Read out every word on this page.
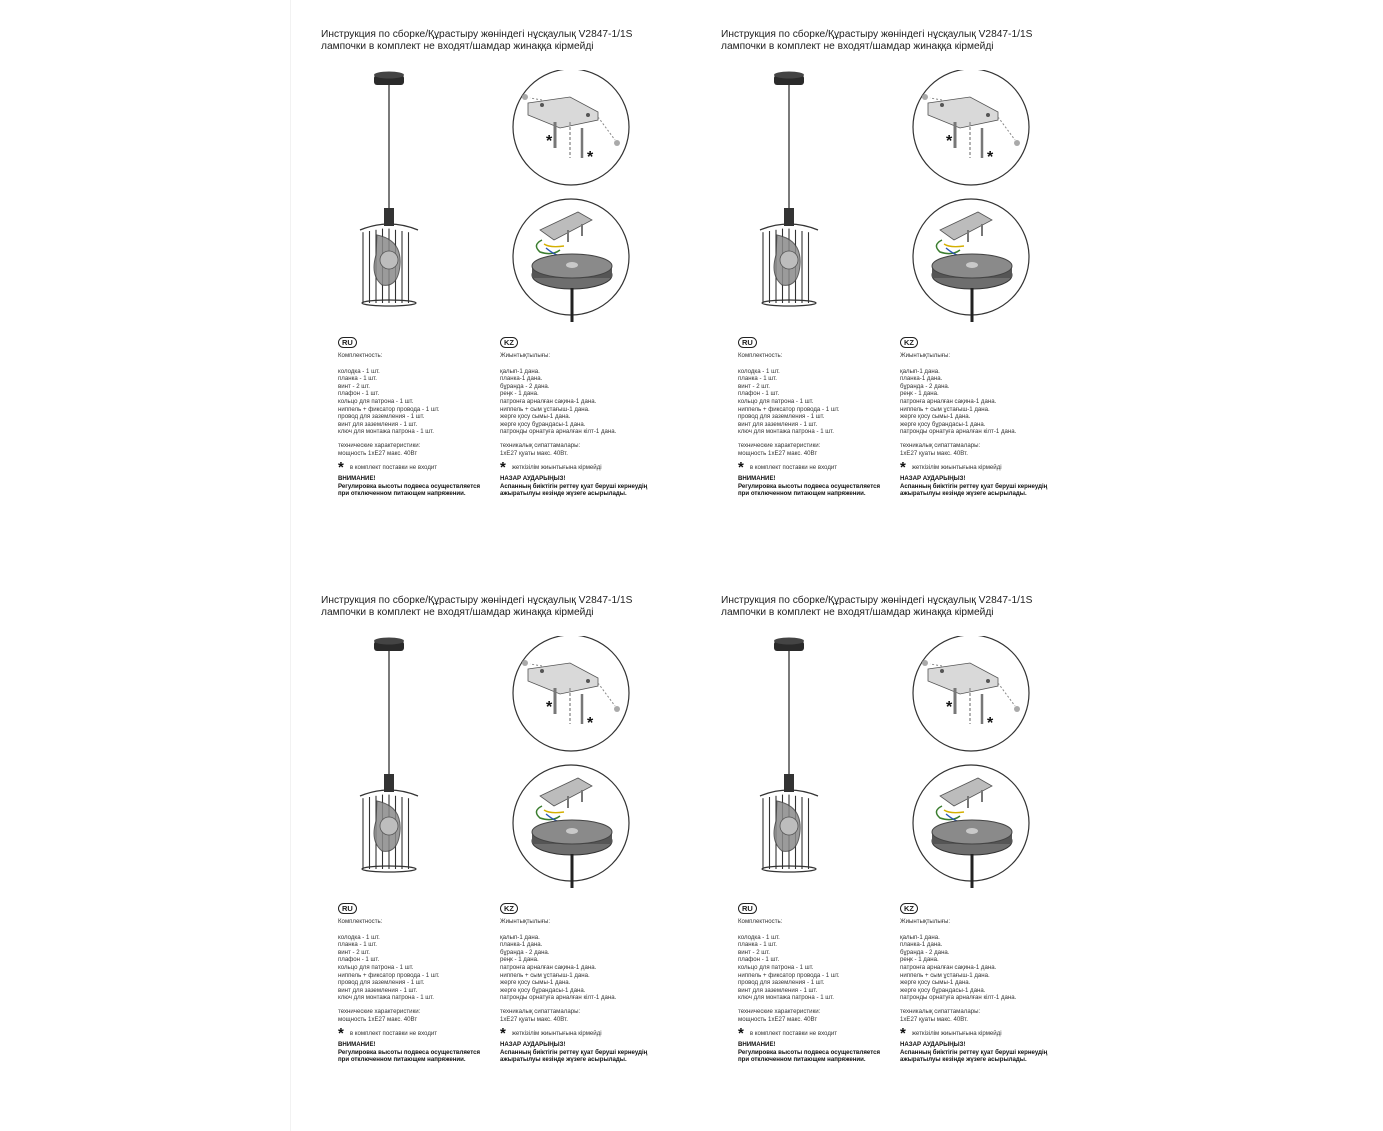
Инструкция по сборке/Құрастыру жөніндегі нұсқаулық V2847-1/1S
лампочки в комплект не входят/шамдар жинаққа кірмейді
*
*
RU
Комплектность:
колодка - 1 шт.
планка - 1 шт.
винт - 2 шт.
плафон - 1 шт.
кольцо для патрона - 1 шт.
ниппель + фиксатор провода - 1 шт.
провод для заземления - 1 шт.
винт для заземления - 1 шт.
ключ для монтажа патрона - 1 шт.
технические характеристики:
мощность 1хЕ27 макс. 40Вт
* в комплект поставки не входит
ВНИМАНИЕ!
Регулировка высоты подвеса осуществляется
при отключенном питающем напряжении.
KZ
Жиынтықтылығы:
қалып-1 дана.
планка-1 дана.
бұранда - 2 дана.
реңк - 1 дана.
патронға арналған сақина-1 дана.
ниппель + сым ұстағыш-1 дана.
жерге қосу сымы-1 дана.
жерге қосу бұрандасы-1 дана.
патронды орнатуға арналған кілт-1 дана.
техникалық сипаттамалары:
1хЕ27 қуаты макс. 40Вт.
* жеткізілім жиынтығына кірмейді
НАЗАР АУДАРЫҢЫЗ!
Аспанның биіктігін реттеу қуат беруші кернеудің
ажыратылуы кезінде жүзеге асырылады.
Инструкция по сборке/Құрастыру жөніндегі нұсқаулық V2847-1/1S
лампочки в комплект не входят/шамдар жинаққа кірмейді
*
*
RU
Комплектность:
колодка - 1 шт.
планка - 1 шт.
винт - 2 шт.
плафон - 1 шт.
кольцо для патрона - 1 шт.
ниппель + фиксатор провода - 1 шт.
провод для заземления - 1 шт.
винт для заземления - 1 шт.
ключ для монтажа патрона - 1 шт.
технические характеристики:
мощность 1хЕ27 макс. 40Вт
* в комплект поставки не входит
ВНИМАНИЕ!
Регулировка высоты подвеса осуществляется
при отключенном питающем напряжении.
KZ
Жиынтықтылығы:
қалып-1 дана.
планка-1 дана.
бұранда - 2 дана.
реңк - 1 дана.
патронға арналған сақина-1 дана.
ниппель + сым ұстағыш-1 дана.
жерге қосу сымы-1 дана.
жерге қосу бұрандасы-1 дана.
патронды орнатуға арналған кілт-1 дана.
техникалық сипаттамалары:
1хЕ27 қуаты макс. 40Вт.
* жеткізілім жиынтығына кірмейді
НАЗАР АУДАРЫҢЫЗ!
Аспанның биіктігін реттеу қуат беруші кернеудің
ажыратылуы кезінде жүзеге асырылады.
Инструкция по сборке/Құрастыру жөніндегі нұсқаулық V2847-1/1S
лампочки в комплект не входят/шамдар жинаққа кірмейді
*
*
RU
Комплектность:
колодка - 1 шт.
планка - 1 шт.
винт - 2 шт.
плафон - 1 шт.
кольцо для патрона - 1 шт.
ниппель + фиксатор провода - 1 шт.
провод для заземления - 1 шт.
винт для заземления - 1 шт.
ключ для монтажа патрона - 1 шт.
технические характеристики:
мощность 1хЕ27 макс. 40Вт
* в комплект поставки не входит
ВНИМАНИЕ!
Регулировка высоты подвеса осуществляется
при отключенном питающем напряжении.
KZ
Жиынтықтылығы:
қалып-1 дана.
планка-1 дана.
бұранда - 2 дана.
реңк - 1 дана.
патронға арналған сақина-1 дана.
ниппель + сым ұстағыш-1 дана.
жерге қосу сымы-1 дана.
жерге қосу бұрандасы-1 дана.
патронды орнатуға арналған кілт-1 дана.
техникалық сипаттамалары:
1хЕ27 қуаты макс. 40Вт.
* жеткізілім жиынтығына кірмейді
НАЗАР АУДАРЫҢЫЗ!
Аспанның биіктігін реттеу қуат беруші кернеудің
ажыратылуы кезінде жүзеге асырылады.
Инструкция по сборке/Құрастыру жөніндегі нұсқаулық V2847-1/1S
лампочки в комплект не входят/шамдар жинаққа кірмейді
*
*
RU
Комплектность:
колодка - 1 шт.
планка - 1 шт.
винт - 2 шт.
плафон - 1 шт.
кольцо для патрона - 1 шт.
ниппель + фиксатор провода - 1 шт.
провод для заземления - 1 шт.
винт для заземления - 1 шт.
ключ для монтажа патрона - 1 шт.
технические характеристики:
мощность 1хЕ27 макс. 40Вт
* в комплект поставки не входит
ВНИМАНИЕ!
Регулировка высоты подвеса осуществляется
при отключенном питающем напряжении.
KZ
Жиынтықтылығы:
қалып-1 дана.
планка-1 дана.
бұранда - 2 дана.
реңк - 1 дана.
патронға арналған сақина-1 дана.
ниппель + сым ұстағыш-1 дана.
жерге қосу сымы-1 дана.
жерге қосу бұрандасы-1 дана.
патронды орнатуға арналған кілт-1 дана.
техникалық сипаттамалары:
1хЕ27 қуаты макс. 40Вт.
* жеткізілім жиынтығына кірмейді
НАЗАР АУДАРЫҢЫЗ!
Аспанның биіктігін реттеу қуат беруші кернеудің
ажыратылуы кезінде жүзеге асырылады.
